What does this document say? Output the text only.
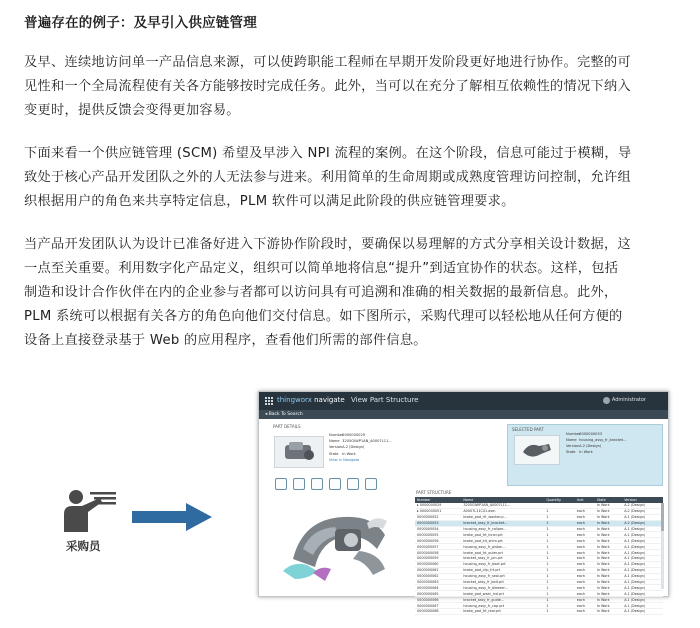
普遍存在的例子：及早引入供应链管理
及早、连续地访问单一产品信息来源，可以使跨职能工程师在早期开发阶段更好地进行协作。完整的可
见性和一个全局流程使有关各方能够按时完成任务。此外，当可以在充分了解相互依赖性的情况下纳入
变更时，提供反馈会变得更加容易。
下面来看一个供应链管理 (SCM) 希望及早涉入 NPI 流程的案例。在这个阶段，信息可能过于模糊，导
致处于核心产品开发团队之外的人无法参与进来。利用简单的生命周期或成熟度管理访问控制，允许组
织根据用户的角色来共享特定信息，PLM 软件可以满足此阶段的供应链管理要求。
当产品开发团队认为设计已准备好进入下游协作阶段时，要确保以易理解的方式分享相关设计数据，这
一点至关重要。利用数字化产品定义，组织可以简单地将信息“提升”到适宜协作的状态。这样，包括
制造和设计合作伙伴在内的企业参与者都可以访问具有可追溯和准确的相关数据的最新信息。此外，
PLM 系统可以根据有关各方的角色向他们交付信息。如下图所示，采购代理可以轻松地从任何方便的
设备上直接登录基于 Web 的应用程序，查看他们所需的部件信息。
采购员
thingworx navigate View Part Structure	Administrator
◂ Back To Search
PART DETAILS
Number 0000000029
Name 3205GIWP1AN_A0007L11...
Version A.2 (Design)
State In Work
View in Navigate
SELECTED PART
Number 0000000053
Name housing_assy_fr_bracket...
Version A.2 (Design)
State In Work
PART STRUCTURE
Number	Name	Quantity	Unit	State	Version
▸ 0000000029	3205GIWP1AN_A0007L11...			In Work	A.2 (Design)
▸ 0000000051	A0007L11C01.asm	1	each	In Work	A.2 (Design)
0000000052	brake_pad_rfr_washer.p...	1	each	In Work	A.1 (Design)
0000000053	bracket_assy_fr_bracket...	1	each	In Work	A.2 (Design)
0000000054	housing_assy_fr_caliper...	1	each	In Work	A.1 (Design)
0000000055	brake_pad_frt_inner.prt	1	each	In Work	A.1 (Design)
0000000056	brake_pad_kit_shim.prt	1	each	In Work	A.1 (Design)
0000000057	housing_assy_fr_piston...	1	each	In Work	A.1 (Design)
0000000058	brake_pad_frt_outer.prt	1	each	In Work	A.1 (Design)
0000000059	bracket_assy_fr_pin.prt	1	each	In Work	A.1 (Design)
0000000060	housing_assy_fr_boot.prt	1	each	In Work	A.1 (Design)
0000000061	brake_pad_clip_frt.prt	1	each	In Work	A.1 (Design)
0000000062	housing_assy_fr_seal.prt	1	each	In Work	A.1 (Design)
0000000063	bracket_assy_fr_bolt.prt	1	each	In Work	A.1 (Design)
0000000064	housing_assy_fr_bleeder...	1	each	In Work	A.1 (Design)
0000000065	brake_pad_wear_ind.prt	1	each	In Work	A.1 (Design)
0000000066	bracket_assy_fr_guide...	1	each	In Work	A.1 (Design)
0000000067	housing_assy_fr_cap.prt	1	each	In Work	A.1 (Design)
0000000068	brake_pad_frt_rear.prt	1	each	In Work	A.1 (Design)
